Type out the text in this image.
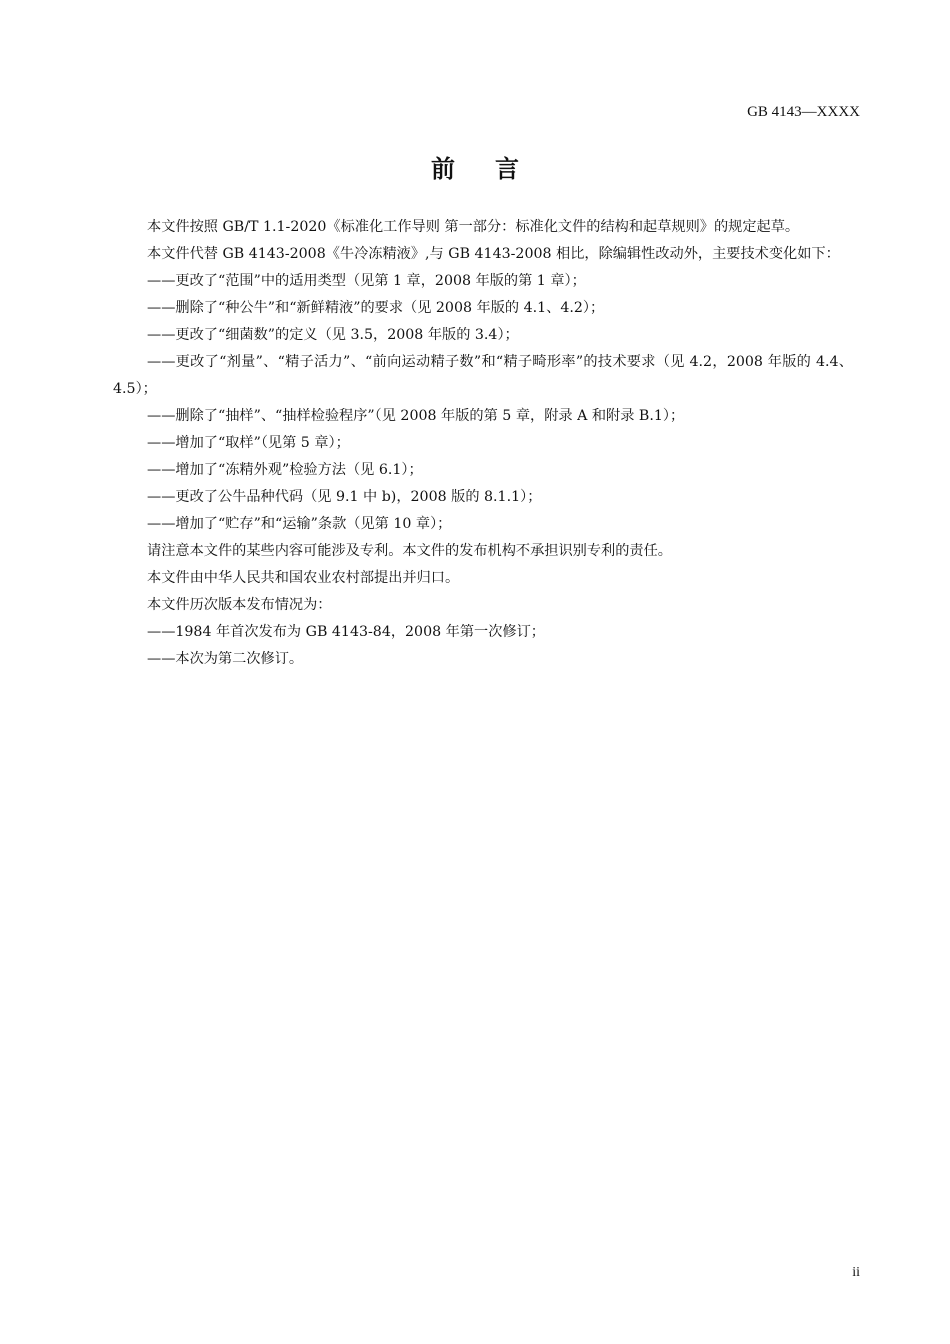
GB 4143—XXXX
前言

本文件按照 GB/T 1.1-2020《标准化工作导则 第一部分：标准化文件的结构和起草规则》的规定起草。

本文件代替 GB 4143-2008《牛冷冻精液》,与 GB 4143-2008 相比，除编辑性改动外，主要技术变化如下：

——更改了“范围”中的适用类型（见第 1 章，2008 年版的第 1 章）；

——删除了“种公牛”和“新鲜精液”的要求（见 2008 年版的 4.1、4.2）；

——更改了“细菌数”的定义（见 3.5，2008 年版的 3.4）；

——更改了“剂量”、“精子活力”、“前向运动精子数”和“精子畸形率”的技术要求（见 4.2，2008 年版的 4.4、4.5）；

——删除了“抽样”、“抽样检验程序”（见 2008 年版的第 5 章，附录 A 和附录 B.1）；

——增加了“取样”（见第 5 章）；

——增加了“冻精外观”检验方法（见 6.1）；

——更改了公牛品种代码（见 9.1 中 b)，2008 版的 8.1.1）；

——增加了“贮存”和“运输”条款（见第 10 章）；

请注意本文件的某些内容可能涉及专利。本文件的发布机构不承担识别专利的责任。

本文件由中华人民共和国农业农村部提出并归口。

本文件历次版本发布情况为：

——1984 年首次发布为 GB 4143-84，2008 年第一次修订；

——本次为第二次修订。

ii
